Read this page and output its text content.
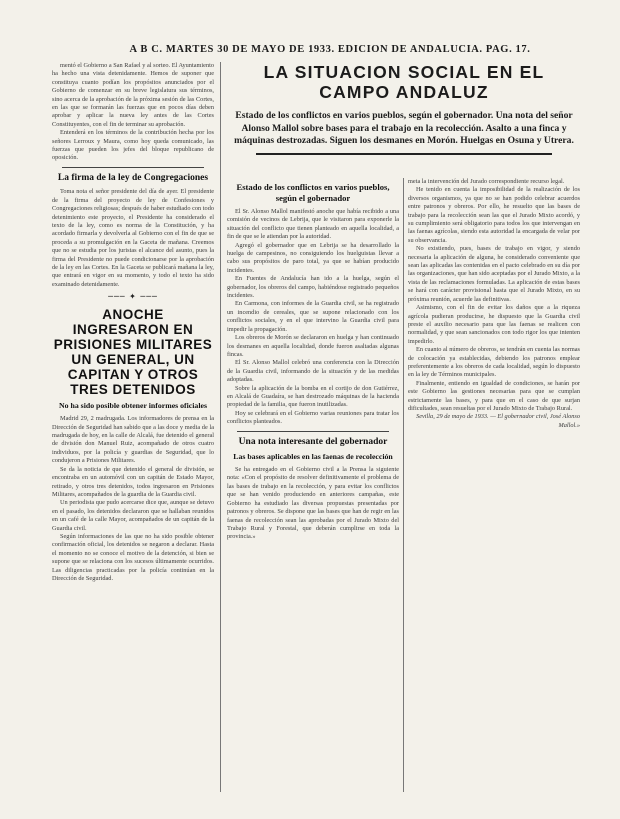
A B C. MARTES 30 DE MAYO DE 1933. EDICION DE ANDALUCIA. PAG. 17.

mentó el Gobierno a San Rafael y al sorteo. El Ayuntamiento ha hecho una vista detenidamente. Hemos de suponer que constituya cuanto podían los propósitos anunciados por el Gobierno de comenzar en su breve legislatura sus términos, sino acerca de la aprobación de la próxima sesión de las Cortes, en las que se formarán las fuerzas que en pocos días deben aprobar y aplicar la nueva ley antes de las Cortes Constituyentes, con el fin de terminar su aprobación.

Entenderá en los términos de la contribución hecha por los señores Lerroux y Maura, como hoy queda comunicado, las fuerzas que pueden los jefes del bloque republicano de oposición.

La firma de la ley de Congregaciones

Toma nota el señor presidente del día de ayer. El presidente de la firma del proyecto de ley de Confesiones y Congregaciones religiosas; después de haber estudiado con todo detenimiento este proyecto, el Presidente ha considerado el texto de la ley, como es norma de la Constitución, y ha acordado firmarla y devolverla al Gobierno con el fin de que se proceda a su promulgación en la Gaceta de mañana. Creemos que no se estudia por los juristas el alcance del asunto, pues la firma del Presidente no puede condicionarse por la aprobación de la ley en las Cortes. En la Gaceta se publicará mañana la ley, que entrará en vigor en su momento, y todo el texto ha sido examinado detenidamente.

─── ✦ ───
ANOCHE INGRESARON EN PRISIONES MILITARES UN GENERAL, UN CAPITAN Y OTROS TRES DETENIDOS
No ha sido posible obtener informes oficiales

Madrid 29, 2 madrugada. Los informadores de prensa en la Dirección de Seguridad han sabido que a las doce y media de la madrugada de hoy, en la calle de Alcalá, fue detenido el general de división don Manuel Ruiz, acompañado de otros cuatro individuos, por la policía y guardias de Seguridad, que lo condujeron a Prisiones Militares.

Se da la noticia de que detenido el general de división, se encontraba en un automóvil con un capitán de Estado Mayor, retirado, y otros tres detenidos, todos ingresaron en Prisiones Militares, acompañados de la guardia de la Guardia civil.

Un periodista que pudo acercarse dice que, aunque se detuvo en el pasado, los detenidos declararon que se hallaban reunidos en un café de la calle Mayor, acompañados de un capitán de la Guardia civil.

Según informaciones de las que no ha sido posible obtener confirmación oficial, los detenidos se negaron a declarar. Hasta el momento no se conoce el motivo de la detención, si bien se supone que se relaciona con los sucesos últimamente ocurridos. Las diligencias practicadas por la policía continúan en la Dirección de Seguridad.

LA SITUACION SOCIAL EN EL CAMPO ANDALUZ
Estado de los conflictos en varios pueblos, según el gobernador. Una nota del señor Alonso Mallol sobre bases para el trabajo en la recolección. Asalto a una finca y máquinas destrozadas. Siguen los desmanes en Morón. Huelgas en Osuna y Utrera.
Estado de los conflictos en varios pueblos, según el gobernador

El Sr. Alonso Mallol manifestó anoche que había recibido a una comisión de vecinos de Lebrija, que le visitaron para exponerle la situación del conflicto que tienen planteado en aquella localidad, a fin de que se le atiendan por la autoridad.

Agregó el gobernador que en Lebrija se ha desarrollado la huelga de campesinos, no consiguiendo los huelguistas llevar a cabo sus propósitos de paro total, ya que se habían producido incidentes.

En Fuentes de Andalucía han ido a la huelga, según el gobernador, los obreros del campo, habiéndose registrado pequeños incidentes.

En Carmona, con informes de la Guardia civil, se ha registrado un incendio de cereales, que se supone relacionado con los conflictos sociales, y en el que intervino la Guardia civil para impedir la propagación.

Los obreros de Morón se declararon en huelga y han continuado los desmanes en aquella localidad, donde fueron asaltadas algunas fincas.

El Sr. Alonso Mallol celebró una conferencia con la Dirección de la Guardia civil, informando de la situación y de las medidas adoptadas.

Sobre la aplicación de la bomba en el cortijo de don Gutiérrez, en Alcalá de Guadaíra, se han destrozado máquinas de la hacienda propiedad de la familia, que fueron inutilizadas.

Hoy se celebrará en el Gobierno varias reuniones para tratar los conflictos planteados.

Una nota interesante del gobernador
Las bases aplicables en las faenas de recolección

Se ha entregado en el Gobierno civil a la Prensa la siguiente nota: «Con el propósito de resolver definitivamente el problema de las bases de trabajo en la recolección, y para evitar los conflictos que se han venido produciendo en anteriores campañas, este Gobierno ha estudiado las diversas propuestas presentadas por patronos y obreros. Se dispone que las bases que han de regir en las faenas de recolección sean las aprobadas por el Jurado Mixto del Trabajo Rural y Forestal, que deberán cumplirse en toda la provincia.»

meta la intervención del Jurado correspondiente recurso legal.

He tenido en cuenta la imposibilidad de la realización de los diversos organismos, ya que no se han podido celebrar acuerdos entre patronos y obreros. Por ello, he resuelto que las bases de trabajo para la recolección sean las que el Jurado Mixto acordó, y su cumplimiento será obligatorio para todos los que intervengan en las faenas agrícolas, siendo esta autoridad la encargada de velar por su observancia.

No existiendo, pues, bases de trabajo en vigor, y siendo necesaria la aplicación de alguna, he considerado conveniente que sean las aplicadas las contenidas en el pacto celebrado en su día por las organizaciones, que han sido aceptadas por el Jurado Mixto, a la vista de las reclamaciones formuladas. La aplicación de estas bases se hará con carácter provisional hasta que el Jurado Mixto, en su próxima reunión, acuerde las definitivas.

Asimismo, con el fin de evitar los daños que a la riqueza agrícola pudieran producirse, he dispuesto que la Guardia civil preste el auxilio necesario para que las faenas se realicen con normalidad, y que sean sancionados con todo rigor los que intenten impedirlo.

En cuanto al número de obreros, se tendrán en cuenta las normas de colocación ya establecidas, debiendo los patronos emplear preferentemente a los obreros de cada localidad, según lo dispuesto en la ley de Términos municipales.

Finalmente, entiendo en igualdad de condiciones, se harán por este Gobierno las gestiones necesarias para que se cumplan estrictamente las bases, y para que en el caso de que surjan dificultades, sean resueltas por el Jurado Mixto de Trabajo Rural.

Sevilla, 29 de mayo de 1933. — El gobernador civil, José Alonso Mallol.»
